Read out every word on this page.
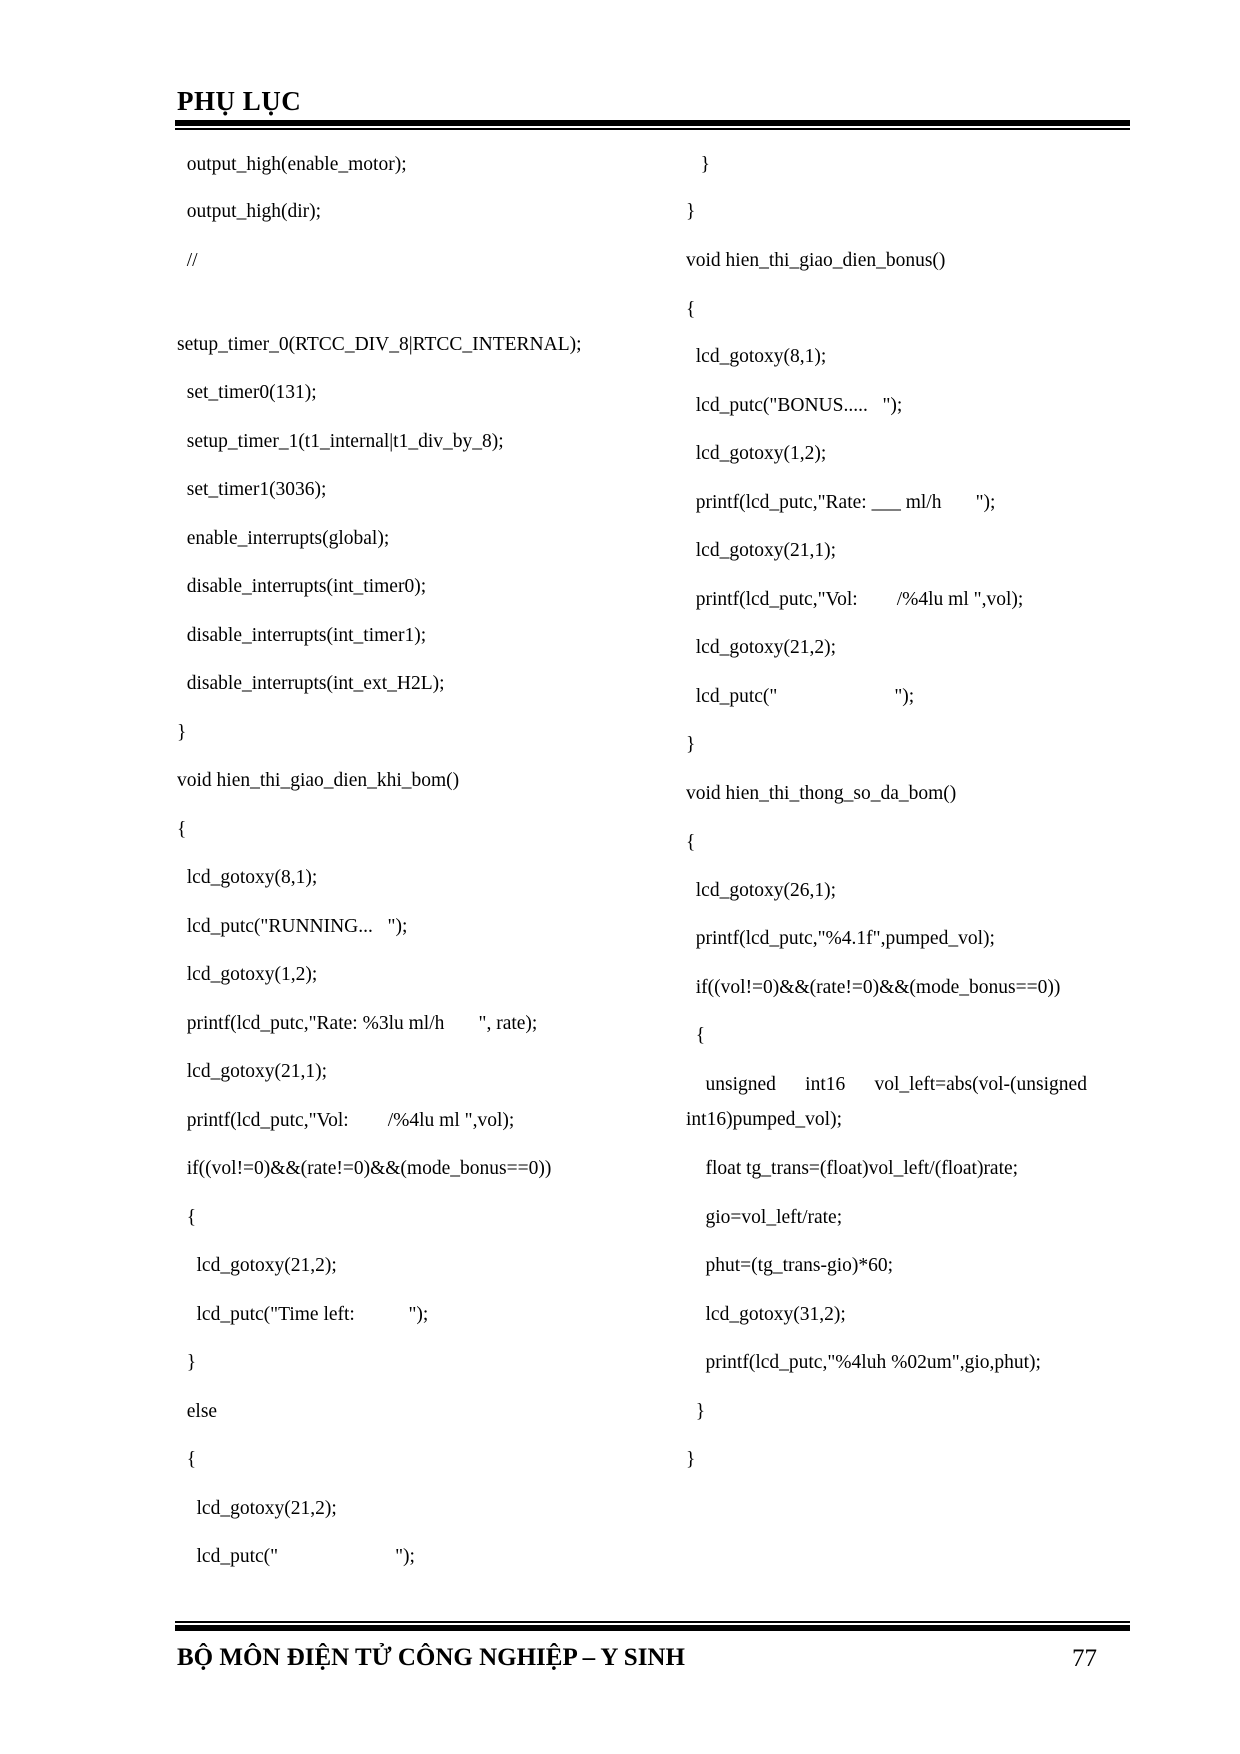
PHỤ LỤC
output_high(enable_motor);
output_high(dir);
//
setup_timer_0(RTCC_DIV_8|RTCC_INTERNAL);
set_timer0(131);
setup_timer_1(t1_internal|t1_div_by_8);
set_timer1(3036);
enable_interrupts(global);
disable_interrupts(int_timer0);
disable_interrupts(int_timer1);
disable_interrupts(int_ext_H2L);
}
void hien_thi_giao_dien_khi_bom()
{
lcd_gotoxy(8,1);
lcd_putc("RUNNING...   ");
lcd_gotoxy(1,2);
printf(lcd_putc,"Rate: %3lu ml/h       ", rate);
lcd_gotoxy(21,1);
printf(lcd_putc,"Vol:        /%4lu ml ",vol);
if((vol!=0)&&(rate!=0)&&(mode_bonus==0))
{
lcd_gotoxy(21,2);
lcd_putc("Time left:           ");
}
else
{
lcd_gotoxy(21,2);
lcd_putc("                        ");
}
}
void hien_thi_giao_dien_bonus()
{
lcd_gotoxy(8,1);
lcd_putc("BONUS.....   ");
lcd_gotoxy(1,2);
printf(lcd_putc,"Rate: ___ ml/h       ");
lcd_gotoxy(21,1);
printf(lcd_putc,"Vol:        /%4lu ml ",vol);
lcd_gotoxy(21,2);
lcd_putc("                        ");
}
void hien_thi_thong_so_da_bom()
{
lcd_gotoxy(26,1);
printf(lcd_putc,"%4.1f",pumped_vol);
if((vol!=0)&&(rate!=0)&&(mode_bonus==0))
{
unsigned      int16      vol_left=abs(vol-(unsigned
int16)pumped_vol);
float tg_trans=(float)vol_left/(float)rate;
gio=vol_left/rate;
phut=(tg_trans-gio)*60;
lcd_gotoxy(31,2);
printf(lcd_putc,"%4luh %02um",gio,phut);
}
}
BỘ MÔN ĐIỆN TỬ CÔNG NGHIỆP – Y SINH	77
